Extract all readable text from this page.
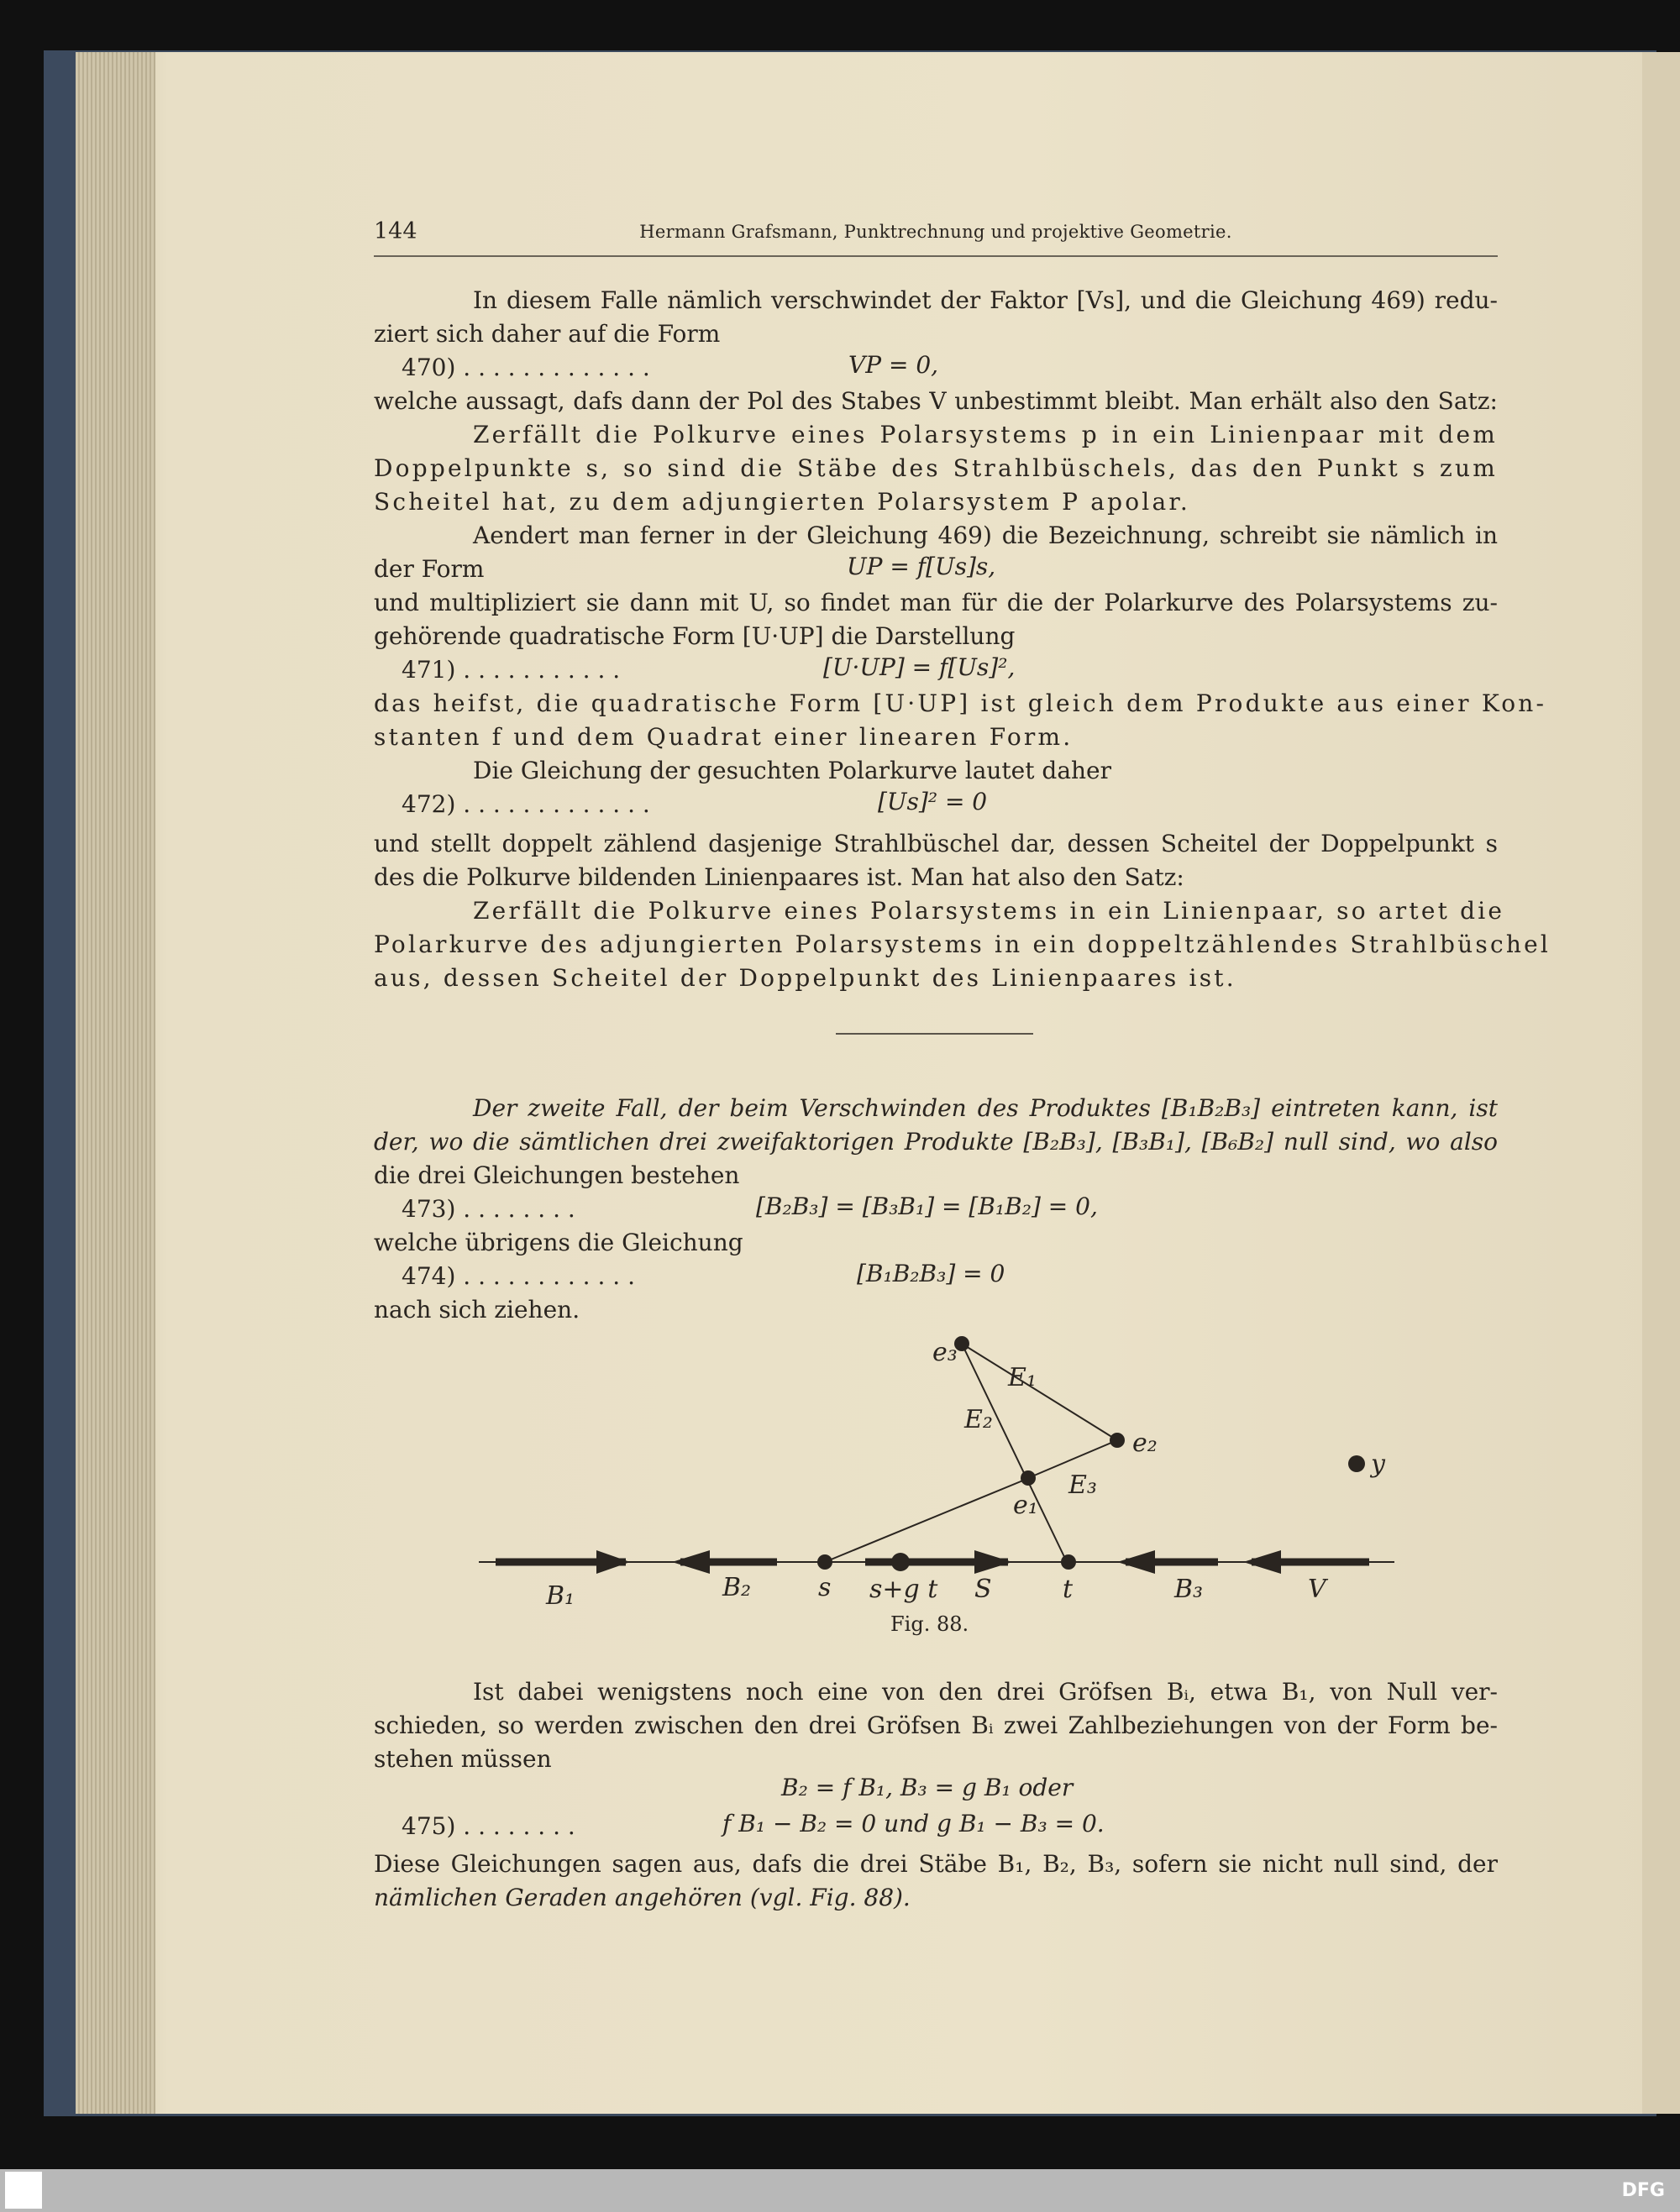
144	Hermann Grafsmann, Punktrechnung und projektive Geometrie.
In diesem Falle nämlich verschwindet der Faktor [Vs], und die Gleichung 469) redu-
ziert sich daher auf die Form
470) . . . . . . . . . . . . .	VP = 0,
welche aussagt, dafs dann der Pol des Stabes V unbestimmt bleibt. Man erhält also den Satz:
Zerfällt die Polkurve eines Polarsystems p in ein Linienpaar mit dem
Doppelpunkte s, so sind die Stäbe des Strahlbüschels, das den Punkt s zum
Scheitel hat, zu dem adjungierten Polarsystem P apolar.
Aendert man ferner in der Gleichung 469) die Bezeichnung, schreibt sie nämlich in
der Form	UP = f[Us]s,
und multipliziert sie dann mit U, so findet man für die der Polarkurve des Polarsystems zu-
gehörende quadratische Form [U·UP] die Darstellung
471) . . . . . . . . . . .	[U·UP] = f[Us]²,
das heifst, die quadratische Form [U·UP] ist gleich dem Produkte aus einer Kon-
stanten f und dem Quadrat einer linearen Form.
Die Gleichung der gesuchten Polarkurve lautet daher
472) . . . . . . . . . . . . .	[Us]² = 0
und stellt doppelt zählend dasjenige Strahlbüschel dar, dessen Scheitel der Doppelpunkt s
des die Polkurve bildenden Linienpaares ist. Man hat also den Satz:
Zerfällt die Polkurve eines Polarsystems in ein Linienpaar, so artet die
Polarkurve des adjungierten Polarsystems in ein doppeltzählendes Strahlbüschel
aus, dessen Scheitel der Doppelpunkt des Linienpaares ist.
Der zweite Fall, der beim Verschwinden des Produktes [B₁B₂B₃] eintreten kann, ist
der, wo die sämtlichen drei zweifaktorigen Produkte [B₂B₃], [B₃B₁], [B₆B₂] null sind, wo also
die drei Gleichungen bestehen
473) . . . . . . . .	[B₂B₃] = [B₃B₁] = [B₁B₂] = 0,
welche übrigens die Gleichung
474) . . . . . . . . . . . .	[B₁B₂B₃] = 0
nach sich ziehen.
e₃
E₁
E₂
e₂
y
E₃
e₁
B₁	B₂	s s+g t S	t	B₃	V
Fig. 88.
Ist dabei wenigstens noch eine von den drei Gröfsen Bᵢ, etwa B₁, von Null ver-
schieden, so werden zwischen den drei Gröfsen Bᵢ zwei Zahlbeziehungen von der Form be-
stehen müssen
B₂ = f B₁, B₃ = g B₁ oder
475) . . . . . . . .	f B₁ − B₂ = 0 und g B₁ − B₃ = 0.
Diese Gleichungen sagen aus, dafs die drei Stäbe B₁, B₂, B₃, sofern sie nicht null sind, der
nämlichen Geraden angehören (vgl. Fig. 88).
DFG
